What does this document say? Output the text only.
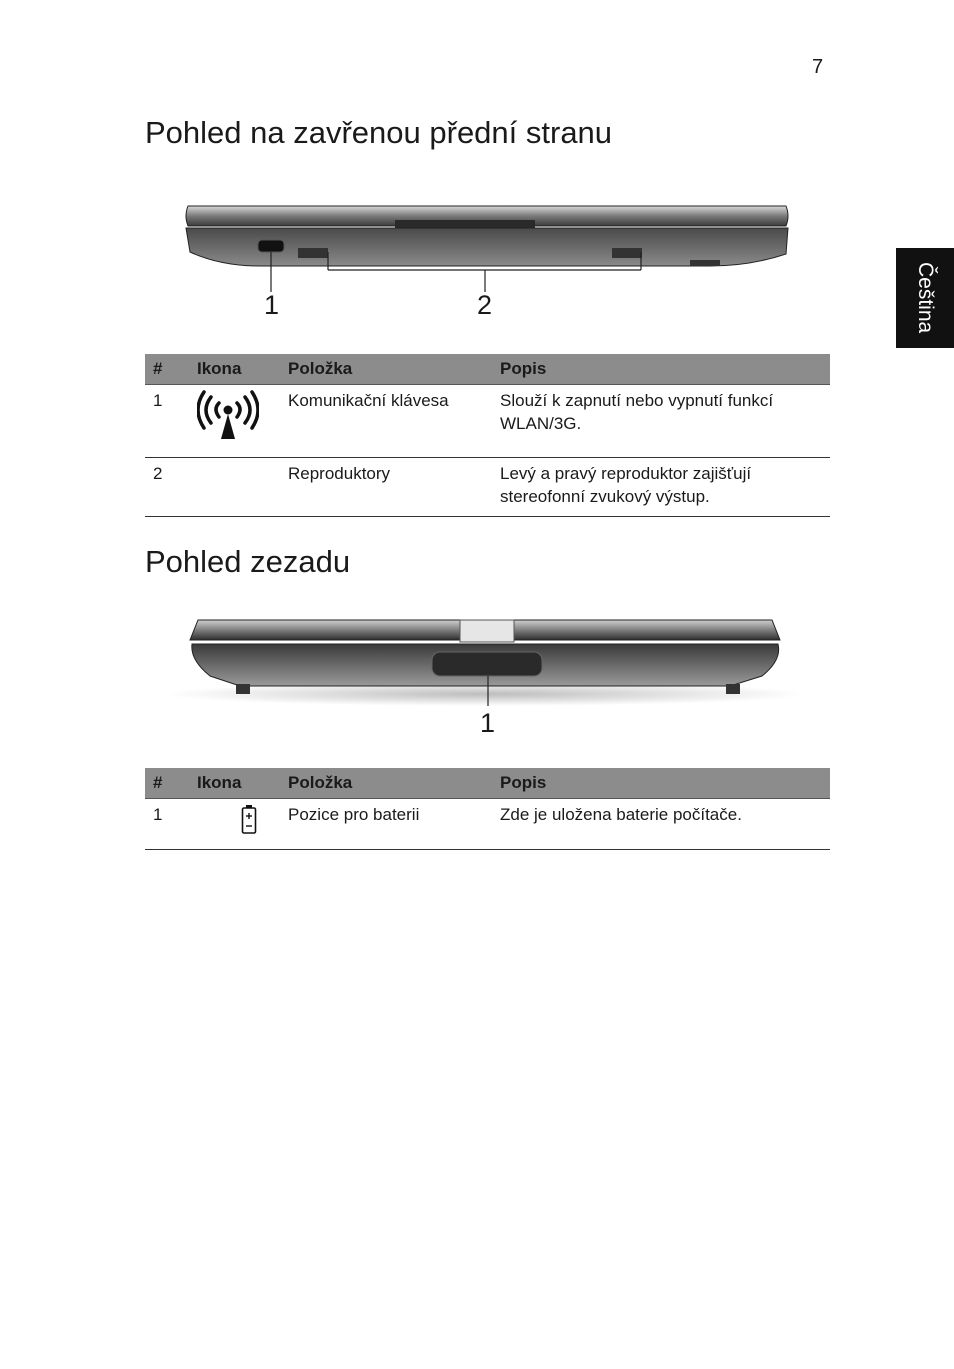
7
Čeština
Pohled na zavřenou přední stranu
1	2
#	Ikona	Položka	Popis
1		Komunikační klávesa	Slouží k zapnutí nebo vypnutí funkcí WLAN/3G.
2		Reproduktory	Levý a pravý reproduktor zajišťují stereofonní zvukový výstup.
Pohled zezadu
1
#	Ikona	Položka	Popis
1		Pozice pro baterii	Zde je uložena baterie počítače.
